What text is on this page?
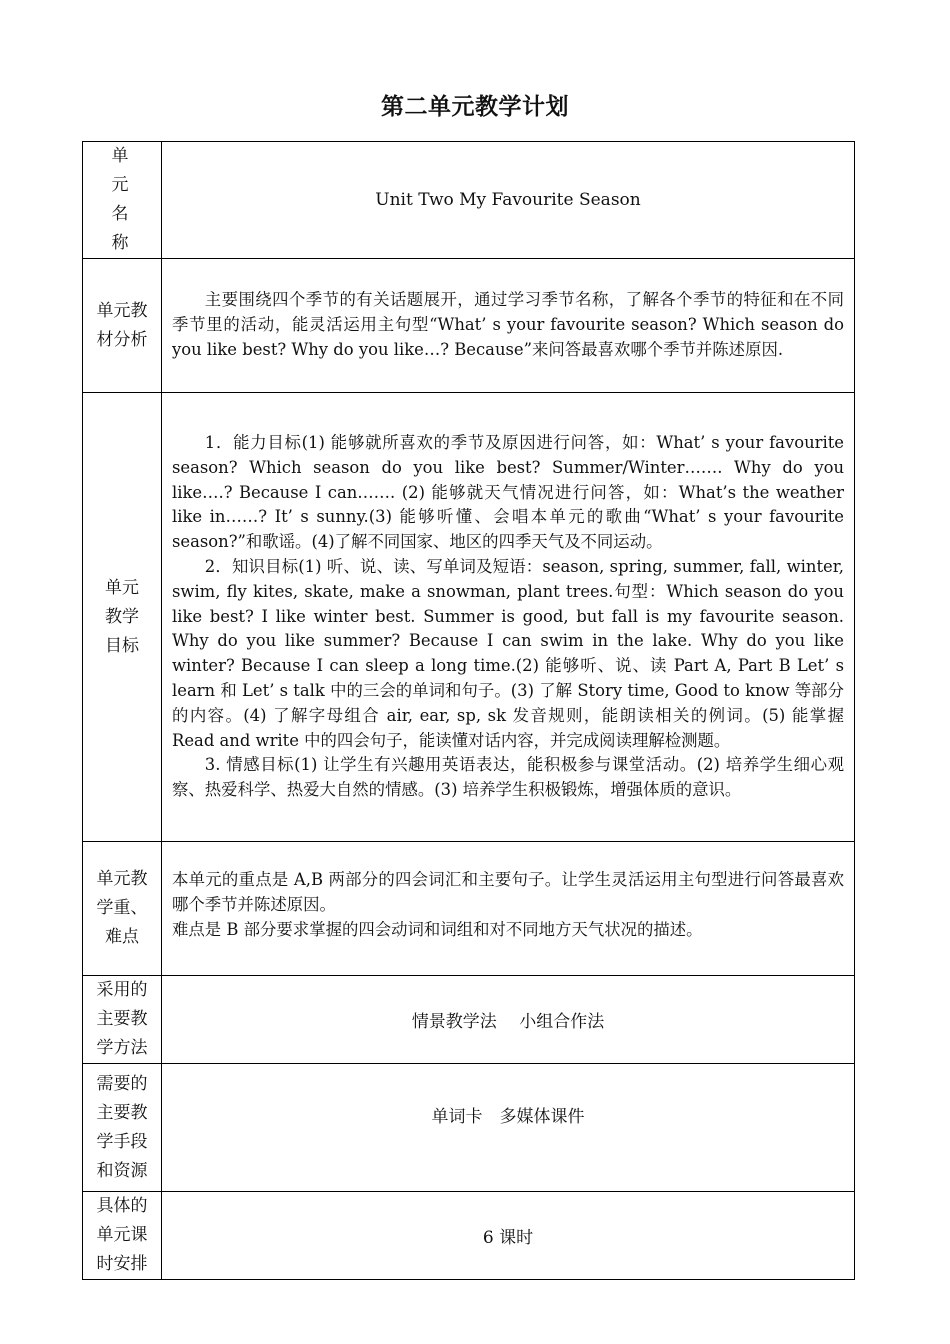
第二单元教学计划
单 元 名 称	Unit Two My Favourite Season
单元教材分析	主要围绕四个季节的有关话题展开，通过学习季节名称，了解各个季节的特征和在不同季节里的活动，能灵活运用主句型“What’ s your favourite season? Which season do you like best? Why do you like…? Because”来问答最喜欢哪个季节并陈述原因.

单元教学目标	1．能力目标(1) 能够就所喜欢的季节及原因进行问答，如：What’ s your favourite season? Which season do you like best? Summer/Winter……. Why do you like….? Because I can……. (2) 能够就天气情况进行问答，如：What’s the weather like in……? It’ s sunny.(3) 能够听懂、会唱本单元的歌曲“What’ s your favourite season?”和歌谣。(4)了解不同国家、地区的四季天气及不同运动。

2．知识目标(1) 听、说、读、写单词及短语：season, spring, summer, fall, winter, swim, fly kites, skate, make a snowman, plant trees.句型：Which season do you like best? I like winter best. Summer is good, but fall is my favourite season. Why do you like summer? Because I can swim in the lake. Why do you like winter? Because I can sleep a long time.(2) 能够听、说、读 Part A, Part B Let’ s learn 和 Let’ s talk 中的三会的单词和句子。(3) 了解 Story time, Good to know 等部分的内容。(4) 了解字母组合 air, ear, sp, sk 发音规则，能朗读相关的例词。(5) 能掌握 Read and write 中的四会句子，能读懂对话内容，并完成阅读理解检测题。

3. 情感目标(1) 让学生有兴趣用英语表达，能积极参与课堂活动。(2) 培养学生细心观察、热爱科学、热爱大自然的情感。(3) 培养学生积极锻炼，增强体质的意识。

单元教学重、难点	本单元的重点是 A,B 两部分的四会词汇和主要句子。让学生灵活运用主句型进行问答最喜欢哪个季节并陈述原因。

难点是 B 部分要求掌握的四会动词和词组和对不同地方天气状况的描述。

采用的主要教学方法	情景教学法　 小组合作法
需要的主要教学手段和资源	单词卡　多媒体课件
具体的单元课时安排	6 课时
